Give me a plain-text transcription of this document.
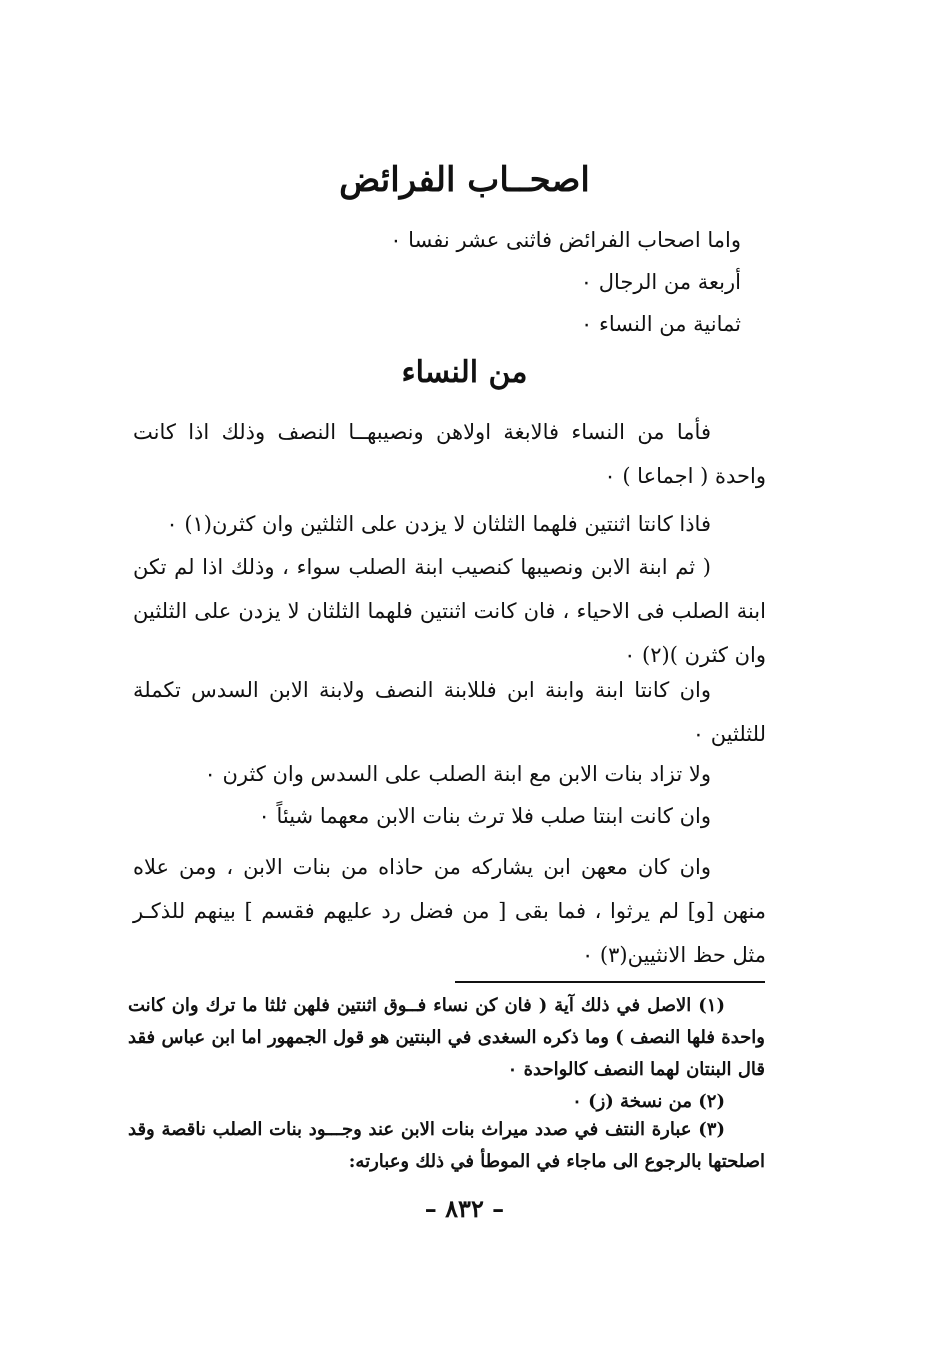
اصحــاب الفرائض
واما اصحاب الفرائض فاثنى عشر نفسا ٠
أربعة من الرجال ٠
ثمانية من النساء ٠
من النساء
فأما من النساء فالابغة اولاهن ونصيبهــا النصف وذلك اذا كانت واحدة ( اجماعا ) ٠
فاذا كانتا اثنتين فلهما الثلثان لا يزدن على الثلثين وان كثرن(١) ٠
( ثم ابنة الابن ونصيبها كنصيب ابنة الصلب سواء ، وذلك اذا لم تكن ابنة الصلب فى الاحياء ، فان كانت اثنتين فلهما الثلثان لا يزدن على الثلثين وان كثرن )(٢) ٠
وان كانتا ابنة وابنة ابن فللابنة النصف ولابنة الابن السدس تكملة للثلثين ٠
ولا تزاد بنات الابن مع ابنة الصلب على السدس وان كثرن ٠
وان كانت ابنتا صلب فلا ترث بنات الابن معهما شيئاً ٠
وان كان معهن ابن يشاركه من حاذاه من بنات الابن ، ومن علاه منهن [و] لم يرثوا ، فما بقى [ من فضل رد عليهم فقسم ] بينهم للذكـر مثل حظ الانثيين(٣) ٠
(١) الاصل في ذلك آية ( فان كن نساء فــوق اثنتين فلهن ثلثا ما ترك وان كانت واحدة فلها النصف ) وما ذكره السغدى في البنتين هو قول الجمهور اما ابن عباس فقد قال البنتان لهما النصف كالواحدة ٠
(٢) من نسخة (ز) ٠
(٣) عبارة النتف في صدد ميراث بنات الابن عند وجـــود بنات الصلب ناقصة وقد اصلحتها بالرجوع الى ماجاء في الموطأ في ذلك وعبارته:
– ٨٣٢ –
